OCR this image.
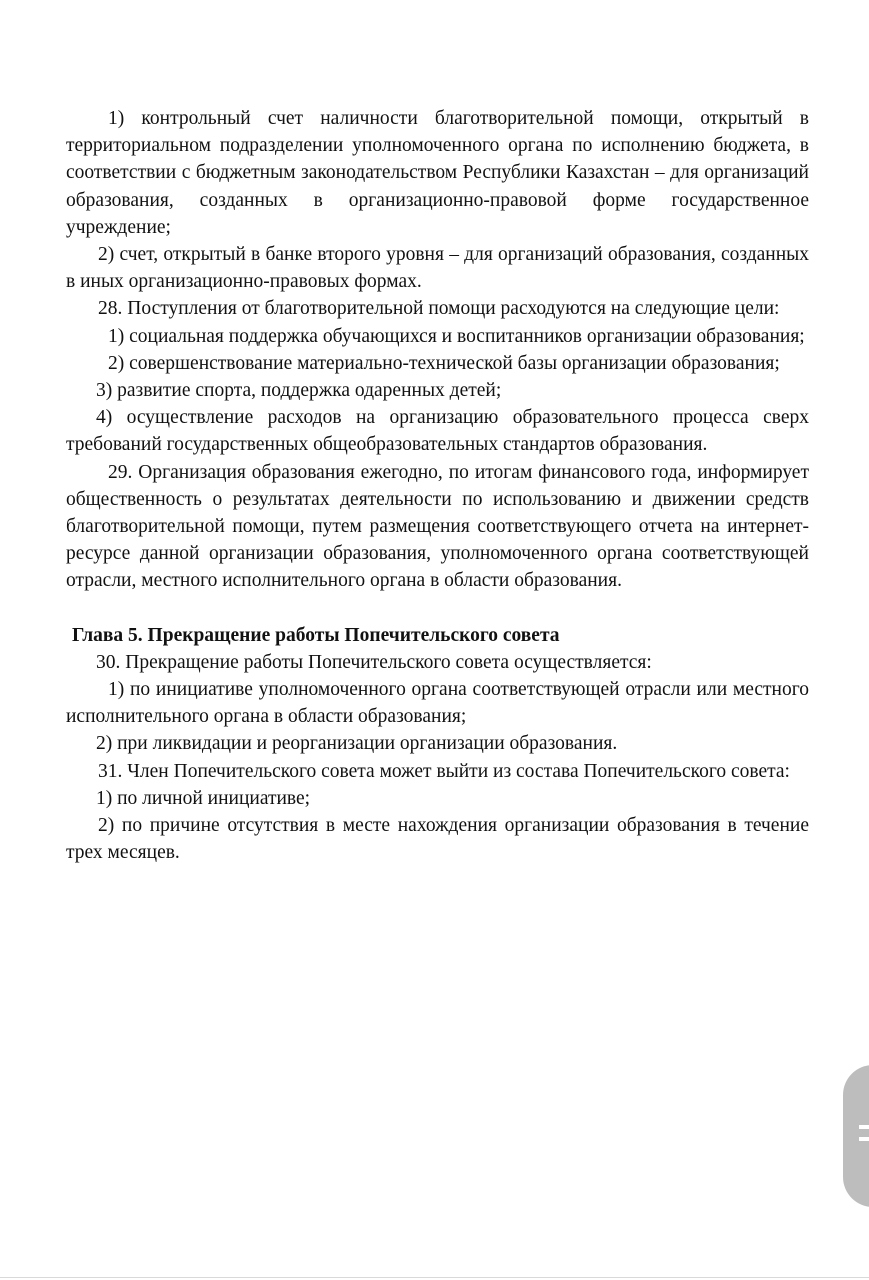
1) контрольный счет наличности благотворительной помощи, открытый в территориальном подразделении уполномоченного органа по исполнению бюджета, в соответствии с бюджетным законодательством Республики Казахстан – для организаций образования, созданных в организационно-правовой форме государственное учреждение;

2) счет, открытый в банке второго уровня – для организаций образования, созданных в иных организационно-правовых формах.

28. Поступления от благотворительной помощи расходуются на следующие цели:

1) социальная поддержка обучающихся и воспитанников организации образования;

2) совершенствование материально-технической базы организации образования;

3) развитие спорта, поддержка одаренных детей;

4) осуществление расходов на организацию образовательного процесса сверх требований государственных общеобразовательных стандартов образования.

29. Организация образования ежегодно, по итогам финансового года, информирует общественность о результатах деятельности по использованию и движении средств благотворительной помощи, путем размещения соответствующего отчета на интернет-ресурсе данной организации образования, уполномоченного органа соответствующей отрасли, местного исполнительного органа в области образования.

Глава 5. Прекращение работы Попечительского совета

30. Прекращение работы Попечительского совета осуществляется:

1) по инициативе уполномоченного органа соответствующей отрасли или местного исполнительного органа в области образования;

2) при ликвидации и реорганизации организации образования.

31. Член Попечительского совета может выйти из состава Попечительского совета:

1) по личной инициативе;

2) по причине отсутствия в месте нахождения организации образования в течение трех месяцев.
